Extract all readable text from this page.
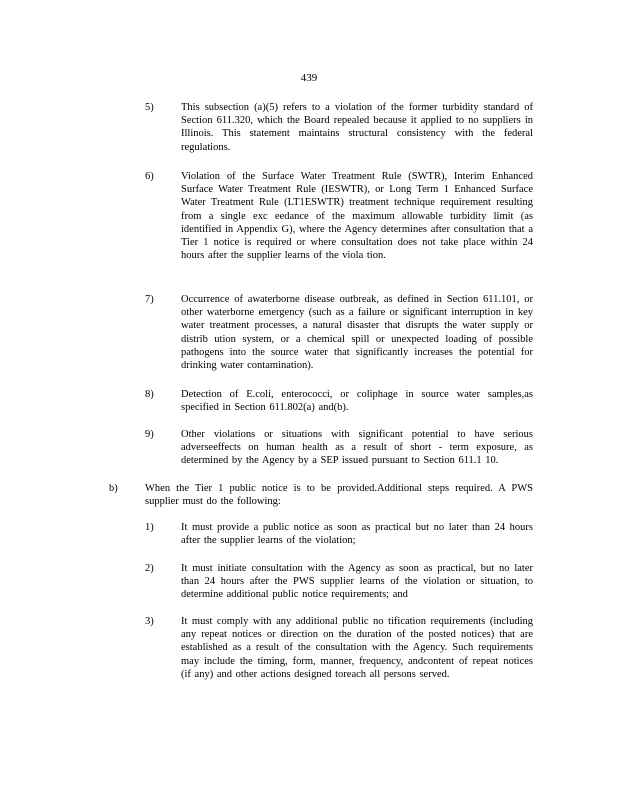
439
5)	This subsection (a)(5) refers to a violation of the former turbidity standard of Section 611.320, which the Board repealed because it applied to no suppliers in Illinois. This statement maintains structural consistency with the federal regulations.
6)	Violation of the Surface Water Treatment Rule (SWTR), Interim Enhanced Surface Water Treatment Rule (IESWTR), or Long Term 1 Enhanced Surface Water Treatment Rule (LT1ESWTR) treatment technique requirement resulting from a single exc eedance of the maximum allowable turbidity limit (as identified in Appendix G), where the Agency determines after consultation that a Tier 1 notice is required or where consultation does not take place within 24 hours after the supplier learns of the viola tion.
7)	Occurrence of awaterborne disease outbreak, as defined in Section 611.101, or other waterborne emergency (such as a failure or significant interruption in key water treatment processes, a natural disaster that disrupts the water supply or distrib ution system, or a chemical spill or unexpected loading of possible pathogens into the source water that significantly increases the potential for drinking water contamination).
8)	Detection of E.coli, enterococci, or coliphage in source water samples,as specified in Section 611.802(a) and(b).
9)	Other violations or situations with significant potential to have serious adverseeffects on human health as a result of short - term exposure, as determined by the Agency by a SEP issued pursuant to Section 611.1 10.
b)	When the Tier 1 public notice is to be provided.Additional steps required. A PWS supplier must do the following:
1)	It must provide a public notice as soon as practical but no later than 24 hours after the supplier learns of the violation;
2)	It must initiate consultation with the Agency as soon as practical, but no later than 24 hours after the PWS supplier learns of the violation or situation, to determine additional public notice requirements; and
3)	It must comply with any additional public no tification requirements (including any repeat notices or direction on the duration of the posted notices) that are established as a result of the consultation with the Agency. Such requirements may include the timing, form, manner, frequency, andcontent of repeat notices (if any) and other actions designed toreach all persons served.
